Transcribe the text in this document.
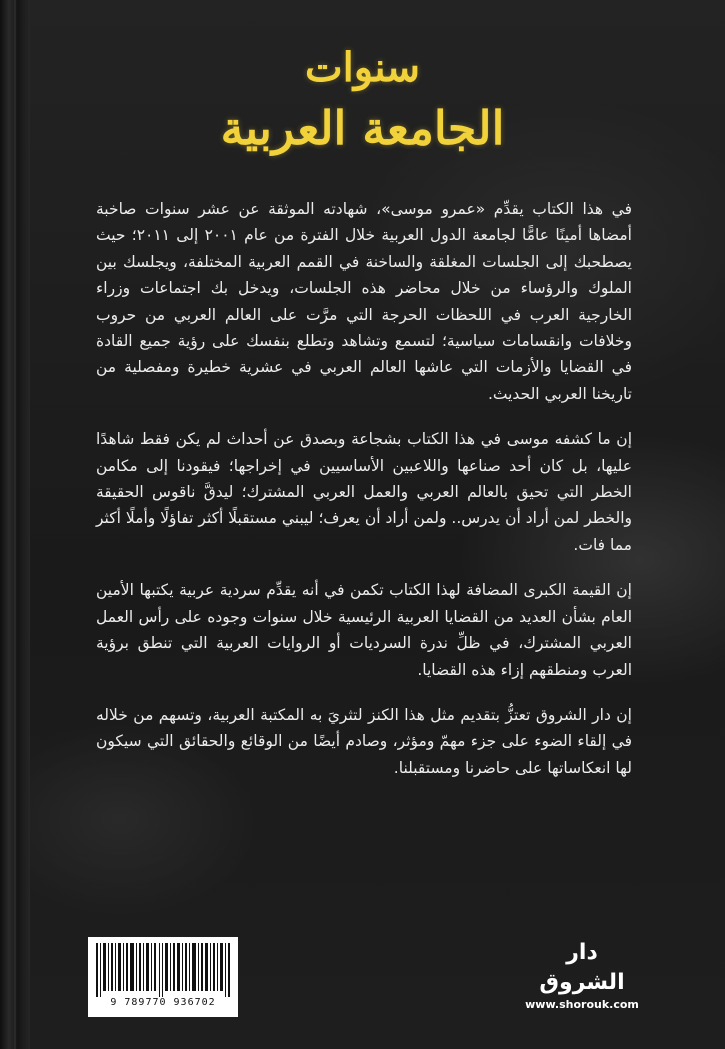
سنوات
الجامعة العربية

في هذا الكتاب يقدِّم «عمرو موسى»، شهادته الموثقة عن عشر سنوات صاخبة أمضاها أمينًا عامًّا لجامعة الدول العربية خلال الفترة من عام ٢٠٠١ إلى ٢٠١١؛ حيث يصطحبك إلى الجلسات المغلقة والساخنة في القمم العربية المختلفة، ويجلسك بين الملوك والرؤساء من خلال محاضر هذه الجلسات، ويدخل بك اجتماعات وزراء الخارجية العرب في اللحظات الحرجة التي مرَّت على العالم العربي من حروب وخلافات وانقسامات سياسية؛ لتسمع وتشاهد وتطلع بنفسك على رؤية جميع القادة في القضايا والأزمات التي عاشها العالم العربي في عشرية خطيرة ومفصلية من تاريخنا العربي الحديث.

إن ما كشفه موسى في هذا الكتاب بشجاعة وبصدق عن أحداث لم يكن فقط شاهدًا عليها، بل كان أحد صناعها واللاعبين الأساسيين في إخراجها؛ فيقودنا إلى مكامن الخطر التي تحيق بالعالم العربي والعمل العربي المشترك؛ ليدقَّ ناقوس الحقيقة والخطر لمن أراد أن يدرس.. ولمن أراد أن يعرف؛ ليبني مستقبلًا أكثر تفاؤلًا وأملًا أكثر مما فات.

إن القيمة الكبرى المضافة لهذا الكتاب تكمن في أنه يقدِّم سردية عربية يكتبها الأمين العام بشأن العديد من القضايا العربية الرئيسية خلال سنوات وجوده على رأس العمل العربي المشترك، في ظلِّ ندرة السرديات أو الروايات العربية التي تنطق برؤية العرب ومنطقهم إزاء هذه القضايا.

إن دار الشروق تعتزُّ بتقديم مثل هذا الكنز لتثريَ به المكتبة العربية، وتسهم من خلاله في إلقاء الضوء على جزء مهمّ ومؤثر، وصادم أيضًا من الوقائع والحقائق التي سيكون لها انعكاساتها على حاضرنا ومستقبلنا.

9 789770 936702
دار الشروق
www.shorouk.com
